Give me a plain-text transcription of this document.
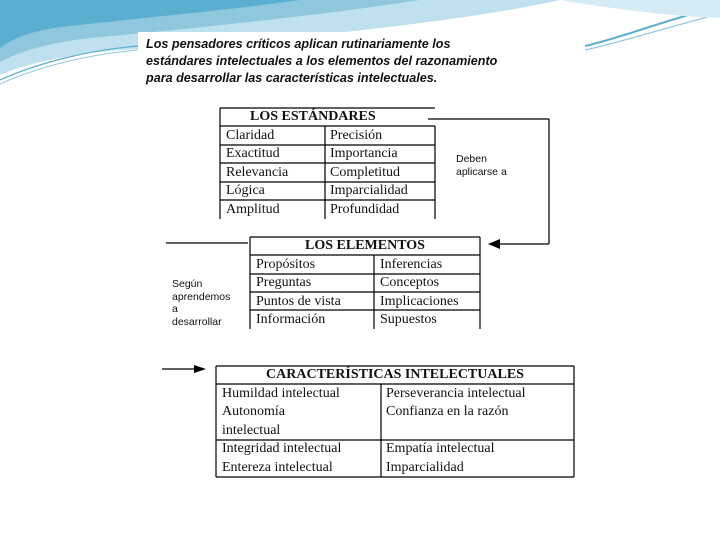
Los pensadores críticos aplican rutinariamente los
estándares intelectuales a los elementos del razonamiento
para desarrollar las características intelectuales.
LOS ESTÁNDARES	
Claridad	Precisión
Exactitud	Importancia
Relevancia	Completitud
Lógica	Imparcialidad
Amplitud	Profundidad
Deben
aplicarse a
LOS ELEMENTOS	
Propósitos	Inferencias
Preguntas	Conceptos
Puntos de vista	Implicaciones
Información	Supuestos
Según
aprendemos
a
desarrollar
CARACTERÍSTICAS INTELECTUALES	
Humildad intelectual	Perseverancia intelectual
Autonomía	Confianza en la razón
intelectual	
Integridad intelectual	Empatía intelectual
Entereza intelectual	Imparcialidad
